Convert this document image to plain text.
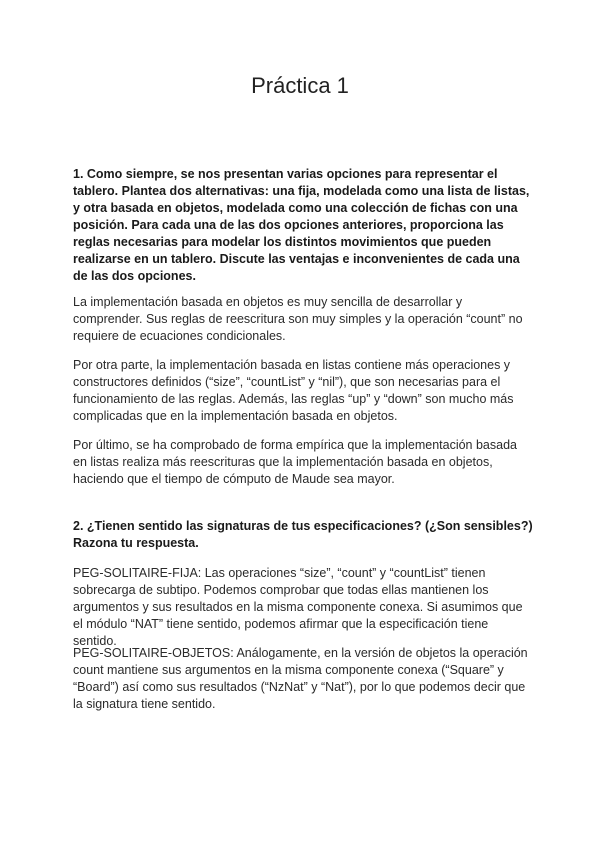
Práctica 1

1. Como siempre, se nos presentan varias opciones para representar el tablero. Plantea dos alternativas: una fija, modelada como una lista de listas, y otra basada en objetos, modelada como una colección de fichas con una posición. Para cada una de las dos opciones anteriores, proporciona las reglas necesarias para modelar los distintos movimientos que pueden realizarse en un tablero. Discute las ventajas e inconvenientes de cada una de las dos opciones.

La implementación basada en objetos es muy sencilla de desarrollar y comprender. Sus reglas de reescritura son muy simples y la operación “count” no requiere de ecuaciones condicionales.

Por otra parte, la implementación basada en listas contiene más operaciones y constructores definidos (“size”, “countList” y “nil”), que son necesarias para el funcionamiento de las reglas. Además, las reglas “up” y “down” son mucho más complicadas que en la implementación basada en objetos.

Por último, se ha comprobado de forma empírica que la implementación basada en listas realiza más reescrituras que la implementación basada en objetos, haciendo que el tiempo de cómputo de Maude sea mayor.

2. ¿Tienen sentido las signaturas de tus especificaciones? (¿Son sensibles?) Razona tu respuesta.

PEG-SOLITAIRE-FIJA: Las operaciones “size”, “count” y “countList” tienen sobrecarga de subtipo. Podemos comprobar que todas ellas mantienen los argumentos y sus resultados en la misma componente conexa. Si asumimos que el módulo “NAT” tiene sentido, podemos afirmar que la especificación tiene sentido.

PEG-SOLITAIRE-OBJETOS: Análogamente, en la versión de objetos la operación count mantiene sus argumentos en la misma componente conexa (“Square” y “Board”) así como sus resultados (“NzNat” y “Nat”), por lo que podemos decir que la signatura tiene sentido.
